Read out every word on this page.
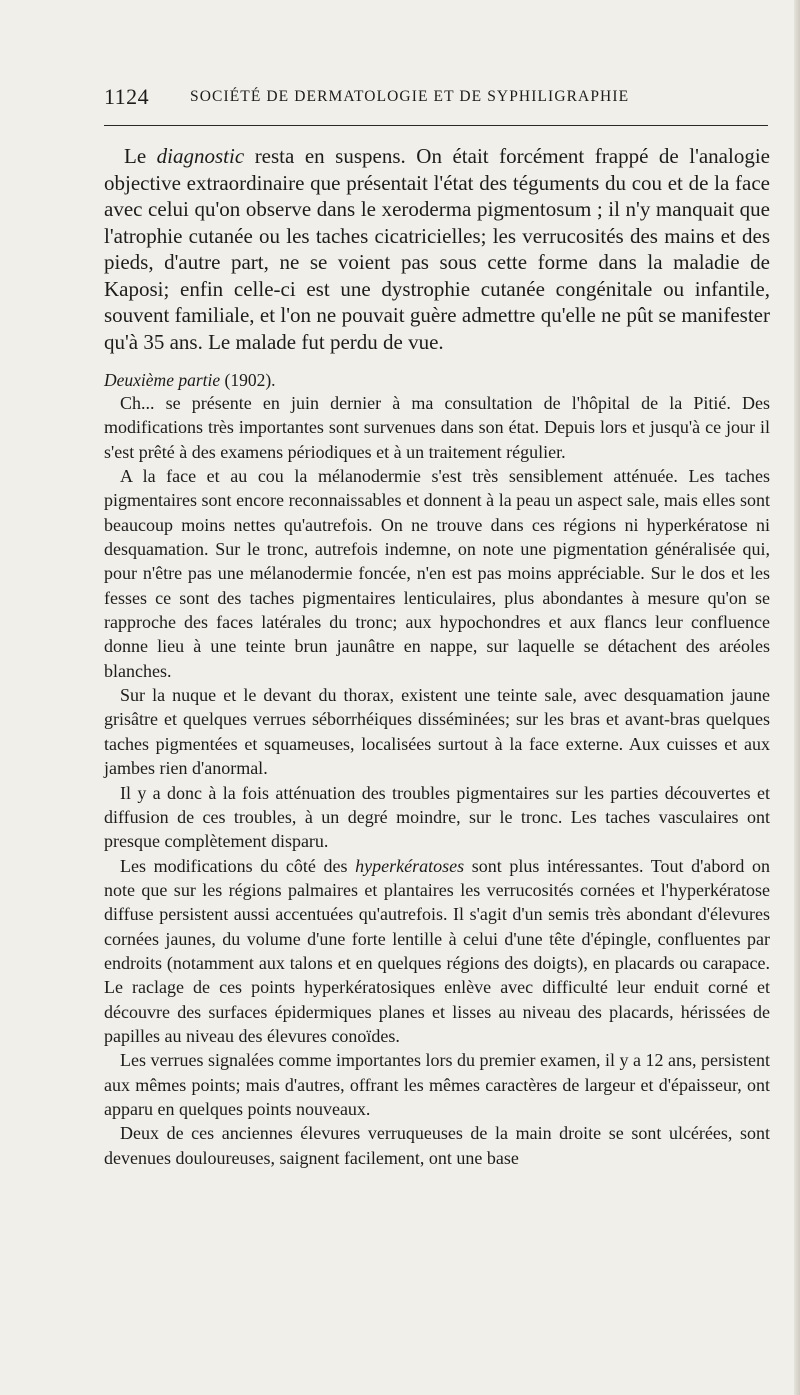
1124	SOCIÉTÉ DE DERMATOLOGIE ET DE SYPHILIGRAPHIE

Le diagnostic resta en suspens. On était forcément frappé de l'analogie objective extraordinaire que présentait l'état des téguments du cou et de la face avec celui qu'on observe dans le xeroderma pigmentosum ; il n'y manquait que l'atrophie cutanée ou les taches cicatricielles; les verrucosités des mains et des pieds, d'autre part, ne se voient pas sous cette forme dans la maladie de Kaposi; enfin celle-ci est une dystrophie cutanée congénitale ou infantile, souvent familiale, et l'on ne pouvait guère admettre qu'elle ne pût se manifester qu'à 35 ans. Le malade fut perdu de vue.

Deuxième partie (1902).

Ch... se présente en juin dernier à ma consultation de l'hôpital de la Pitié. Des modifications très importantes sont survenues dans son état. Depuis lors et jusqu'à ce jour il s'est prêté à des examens périodiques et à un traitement régulier.

A la face et au cou la mélanodermie s'est très sensiblement atténuée. Les taches pigmentaires sont encore reconnaissables et donnent à la peau un aspect sale, mais elles sont beaucoup moins nettes qu'autrefois. On ne trouve dans ces régions ni hyperkératose ni desquamation. Sur le tronc, autrefois indemne, on note une pigmentation généralisée qui, pour n'être pas une mélanodermie foncée, n'en est pas moins appréciable. Sur le dos et les fesses ce sont des taches pigmentaires lenticulaires, plus abondantes à mesure qu'on se rapproche des faces latérales du tronc; aux hypochondres et aux flancs leur confluence donne lieu à une teinte brun jaunâtre en nappe, sur laquelle se détachent des aréoles blanches.

Sur la nuque et le devant du thorax, existent une teinte sale, avec desquamation jaune grisâtre et quelques verrues séborrhéiques disséminées; sur les bras et avant-bras quelques taches pigmentées et squameuses, localisées surtout à la face externe. Aux cuisses et aux jambes rien d'anormal.

Il y a donc à la fois atténuation des troubles pigmentaires sur les parties découvertes et diffusion de ces troubles, à un degré moindre, sur le tronc. Les taches vasculaires ont presque complètement disparu.

Les modifications du côté des hyperkératoses sont plus intéressantes. Tout d'abord on note que sur les régions palmaires et plantaires les verrucosités cornées et l'hyperkératose diffuse persistent aussi accentuées qu'autrefois. Il s'agit d'un semis très abondant d'élevures cornées jaunes, du volume d'une forte lentille à celui d'une tête d'épingle, confluentes par endroits (notamment aux talons et en quelques régions des doigts), en placards ou carapace. Le raclage de ces points hyperkératosiques enlève avec difficulté leur enduit corné et découvre des surfaces épidermiques planes et lisses au niveau des placards, hérissées de papilles au niveau des élevures conoïdes.

Les verrues signalées comme importantes lors du premier examen, il y a 12 ans, persistent aux mêmes points; mais d'autres, offrant les mêmes caractères de largeur et d'épaisseur, ont apparu en quelques points nouveaux.

Deux de ces anciennes élevures verruqueuses de la main droite se sont ulcérées, sont devenues douloureuses, saignent facilement, ont une base
